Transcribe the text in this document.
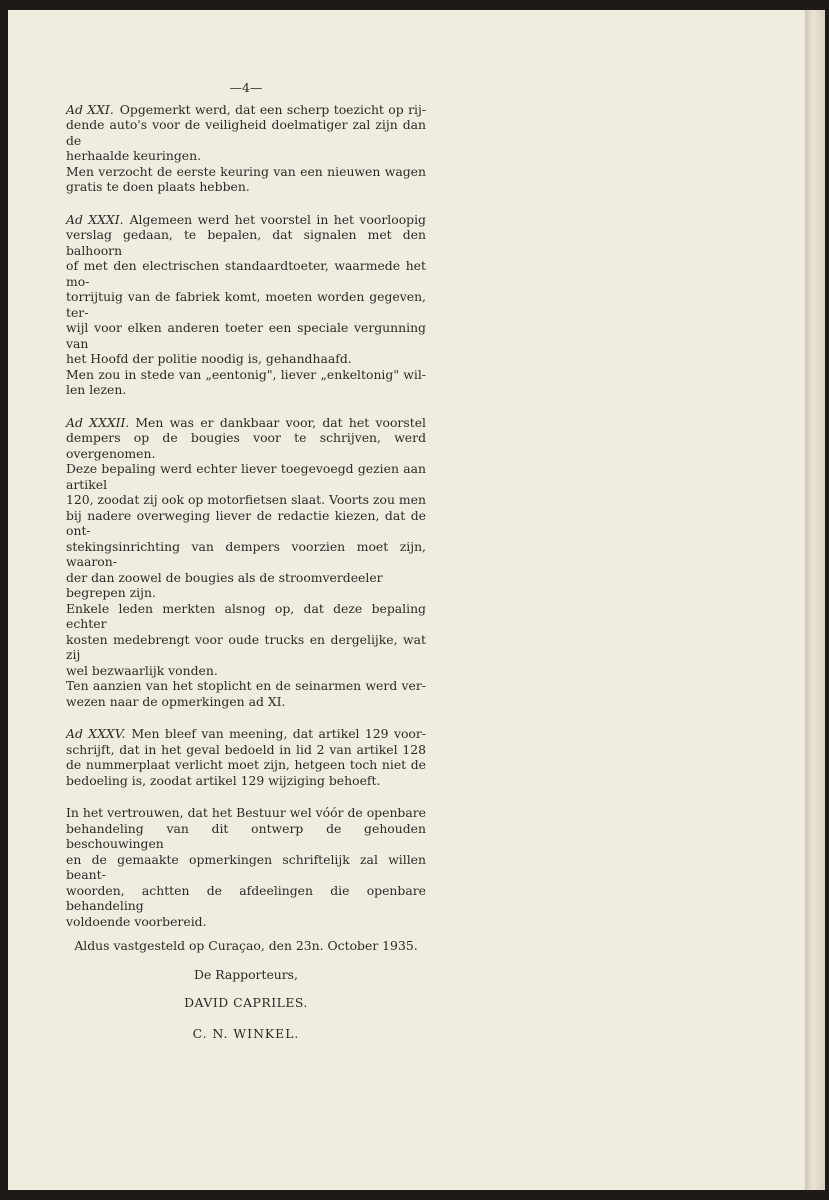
—4—
Ad XXI. Opgemerkt werd, dat een scherp toezicht op rij-
dende auto's voor de veiligheid doelmatiger zal zijn dan de
herhaalde keuringen.
Men verzocht de eerste keuring van een nieuwen wagen
gratis te doen plaats hebben.
Ad XXXI. Algemeen werd het voorstel in het voorloopig
verslag gedaan, te bepalen, dat signalen met den balhoorn
of met den electrischen standaardtoeter, waarmede het mo-
torrijtuig van de fabriek komt, moeten worden gegeven, ter-
wijl voor elken anderen toeter een speciale vergunning van
het Hoofd der politie noodig is, gehandhaafd.
Men zou in stede van „eentonig", liever „enkeltonig" wil-
len lezen.
Ad XXXII. Men was er dankbaar voor, dat het voorstel
dempers op de bougies voor te schrijven, werd overgenomen.
Deze bepaling werd echter liever toegevoegd gezien aan artikel
120, zoodat zij ook op motorfietsen slaat. Voorts zou men
bij nadere overweging liever de redactie kiezen, dat de ont-
stekingsinrichting van dempers voorzien moet zijn, waaron-
der dan zoowel de bougies als de stroomverdeeler begrepen zijn.
Enkele leden merkten alsnog op, dat deze bepaling echter
kosten medebrengt voor oude trucks en dergelijke, wat zij
wel bezwaarlijk vonden.
Ten aanzien van het stoplicht en de seinarmen werd ver-
wezen naar de opmerkingen ad XI.
Ad XXXV. Men bleef van meening, dat artikel 129 voor-
schrijft, dat in het geval bedoeld in lid 2 van artikel 128
de nummerplaat verlicht moet zijn, hetgeen toch niet de
bedoeling is, zoodat artikel 129 wijziging behoeft.
In het vertrouwen, dat het Bestuur wel vóór de openbare
behandeling van dit ontwerp de gehouden beschouwingen
en de gemaakte opmerkingen schriftelijk zal willen beant-
woorden, achtten de afdeelingen die openbare behandeling
voldoende voorbereid.
Aldus vastgesteld op Curaçao, den 23n. October 1935.
De Rapporteurs,
DAVID CAPRILES.
C. N. WINKEL.
